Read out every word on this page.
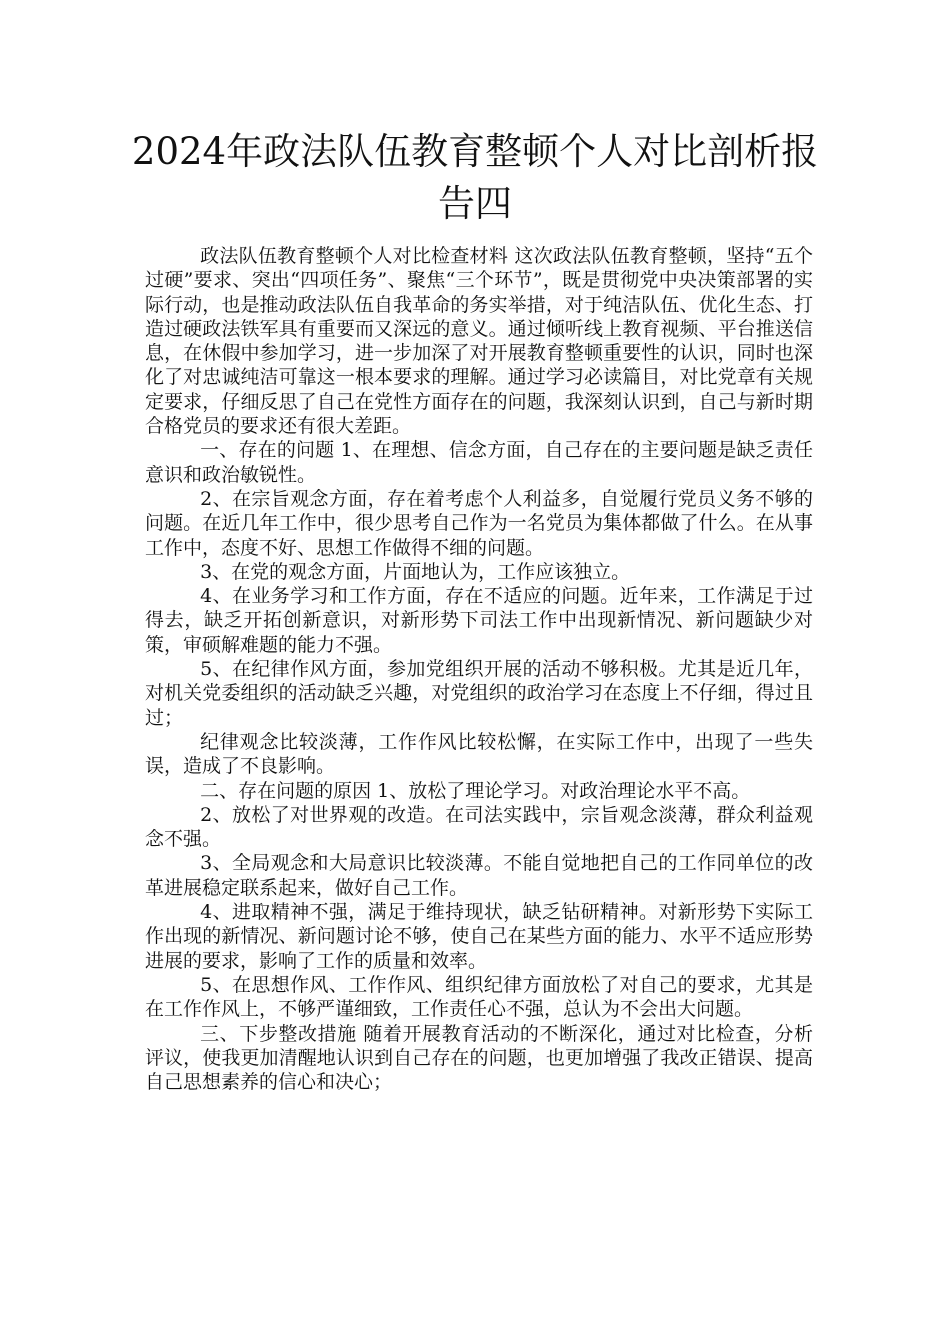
2024年政法队伍教育整顿个人对比剖析报
告四

政法队伍教育整顿个人对比检查材料 这次政法队伍教育整顿，坚持“五个过硬”要求、突出“四项任务”、聚焦“三个环节”，既是贯彻党中央决策部署的实际行动，也是推动政法队伍自我革命的务实举措，对于纯洁队伍、优化生态、打造过硬政法铁军具有重要而又深远的意义。通过倾听线上教育视频、平台推送信息，在休假中参加学习，进一步加深了对开展教育整顿重要性的认识，同时也深化了对忠诚纯洁可靠这一根本要求的理解。通过学习必读篇目，对比党章有关规定要求，仔细反思了自己在党性方面存在的问题，我深刻认识到，自己与新时期合格党员的要求还有很大差距。

一、存在的问题 1、在理想、信念方面，自己存在的主要问题是缺乏责任意识和政治敏锐性。

2、在宗旨观念方面，存在着考虑个人利益多，自觉履行党员义务不够的问题。在近几年工作中，很少思考自己作为一名党员为集体都做了什么。在从事工作中，态度不好、思想工作做得不细的问题。

3、在党的观念方面，片面地认为，工作应该独立。

4、在业务学习和工作方面，存在不适应的问题。近年来，工作满足于过得去，缺乏开拓创新意识，对新形势下司法工作中出现新情况、新问题缺少对策，审硕解难题的能力不强。

5、在纪律作风方面，参加党组织开展的活动不够积极。尤其是近几年，对机关党委组织的活动缺乏兴趣，对党组织的政治学习在态度上不仔细，得过且过；

纪律观念比较淡薄，工作作风比较松懈，在实际工作中，出现了一些失误，造成了不良影响。

二、存在问题的原因 1、放松了理论学习。对政治理论水平不高。

2、放松了对世界观的改造。在司法实践中，宗旨观念淡薄，群众利益观念不强。

3、全局观念和大局意识比较淡薄。不能自觉地把自己的工作同单位的改革进展稳定联系起来，做好自己工作。

4、进取精神不强，满足于维持现状，缺乏钻研精神。对新形势下实际工作出现的新情况、新问题讨论不够，使自己在某些方面的能力、水平不适应形势进展的要求，影响了工作的质量和效率。

5、在思想作风、工作作风、组织纪律方面放松了对自己的要求，尤其是在工作作风上，不够严谨细致，工作责任心不强，总认为不会出大问题。

三、下步整改措施 随着开展教育活动的不断深化，通过对比检查，分析评议，使我更加清醒地认识到自己存在的问题，也更加增强了我改正错误、提高自己思想素养的信心和决心；
